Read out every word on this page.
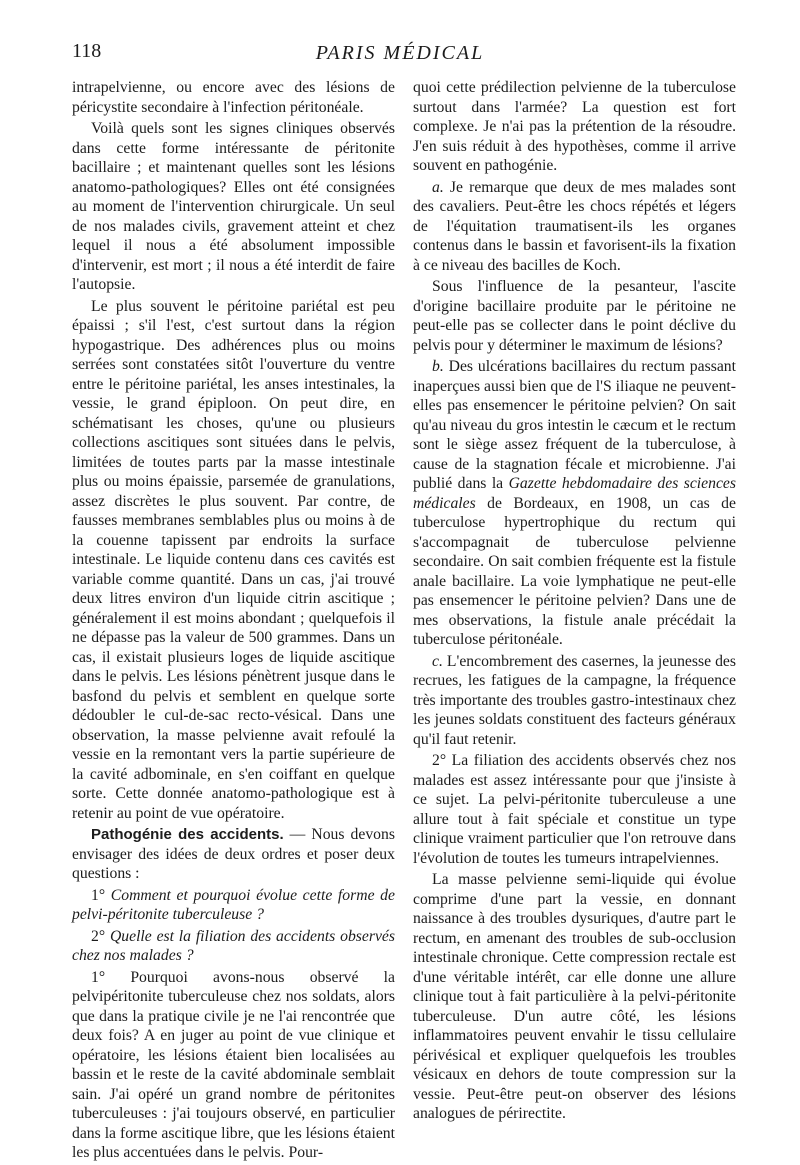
118	PARIS MÉDICAL

intrapelvienne, ou encore avec des lésions de péricystite secondaire à l'infection péritonéale.

Voilà quels sont les signes cliniques observés dans cette forme intéressante de péritonite bacillaire ; et maintenant quelles sont les lésions anatomo-pathologiques? Elles ont été consignées au moment de l'intervention chirurgicale. Un seul de nos malades civils, gravement atteint et chez lequel il nous a été absolument impossible d'intervenir, est mort ; il nous a été interdit de faire l'autopsie.

Le plus souvent le péritoine pariétal est peu épaissi ; s'il l'est, c'est surtout dans la région hypogastrique. Des adhérences plus ou moins serrées sont constatées sitôt l'ouverture du ventre entre le péritoine pariétal, les anses intestinales, la vessie, le grand épiploon. On peut dire, en schématisant les choses, qu'une ou plusieurs collections ascitiques sont situées dans le pelvis, limitées de toutes parts par la masse intestinale plus ou moins épaissie, parsemée de granulations, assez discrètes le plus souvent. Par contre, de fausses membranes semblables plus ou moins à de la couenne tapissent par endroits la surface intestinale. Le liquide contenu dans ces cavités est variable comme quantité. Dans un cas, j'ai trouvé deux litres environ d'un liquide citrin ascitique ; généralement il est moins abondant ; quelquefois il ne dépasse pas la valeur de 500 grammes. Dans un cas, il existait plusieurs loges de liquide ascitique dans le pelvis. Les lésions pénètrent jusque dans le basfond du pelvis et semblent en quelque sorte dédoubler le cul-de-sac recto-vésical. Dans une observation, la masse pelvienne avait refoulé la vessie en la remontant vers la partie supérieure de la cavité adbominale, en s'en coiffant en quelque sorte. Cette donnée anatomo-pathologique est à retenir au point de vue opératoire.

Pathogénie des accidents. — Nous devons envisager des idées de deux ordres et poser deux questions :

1° Comment et pourquoi évolue cette forme de pelvi-péritonite tuberculeuse ?

2° Quelle est la filiation des accidents observés chez nos malades ?

1° Pourquoi avons-nous observé la pelvipéritonite tuberculeuse chez nos soldats, alors que dans la pratique civile je ne l'ai rencontrée que deux fois? A en juger au point de vue clinique et opératoire, les lésions étaient bien localisées au bassin et le reste de la cavité abdominale semblait sain. J'ai opéré un grand nombre de péritonites tuberculeuses : j'ai toujours observé, en particulier dans la forme ascitique libre, que les lésions étaient les plus accentuées dans le pelvis. Pour-

quoi cette prédilection pelvienne de la tuberculose surtout dans l'armée? La question est fort complexe. Je n'ai pas la prétention de la résoudre. J'en suis réduit à des hypothèses, comme il arrive souvent en pathogénie.

a. Je remarque que deux de mes malades sont des cavaliers. Peut-être les chocs répétés et légers de l'équitation traumatisent-ils les organes contenus dans le bassin et favorisent-ils la fixation à ce niveau des bacilles de Koch.

Sous l'influence de la pesanteur, l'ascite d'origine bacillaire produite par le péritoine ne peut-elle pas se collecter dans le point déclive du pelvis pour y déterminer le maximum de lésions?

b. Des ulcérations bacillaires du rectum passant inaperçues aussi bien que de l'S iliaque ne peuvent-elles pas ensemencer le péritoine pelvien? On sait qu'au niveau du gros intestin le cæcum et le rectum sont le siège assez fréquent de la tuberculose, à cause de la stagnation fécale et microbienne. J'ai publié dans la Gazette hebdomadaire des sciences médicales de Bordeaux, en 1908, un cas de tuberculose hypertrophique du rectum qui s'accompagnait de tuberculose pelvienne secondaire. On sait combien fréquente est la fistule anale bacillaire. La voie lymphatique ne peut-elle pas ensemencer le péritoine pelvien? Dans une de mes observations, la fistule anale précédait la tuberculose péritonéale.

c. L'encombrement des casernes, la jeunesse des recrues, les fatigues de la campagne, la fréquence très importante des troubles gastro-intestinaux chez les jeunes soldats constituent des facteurs généraux qu'il faut retenir.

2° La filiation des accidents observés chez nos malades est assez intéressante pour que j'insiste à ce sujet. La pelvi-péritonite tuberculeuse a une allure tout à fait spéciale et constitue un type clinique vraiment particulier que l'on retrouve dans l'évolution de toutes les tumeurs intrapelviennes.

La masse pelvienne semi-liquide qui évolue comprime d'une part la vessie, en donnant naissance à des troubles dysuriques, d'autre part le rectum, en amenant des troubles de sub-occlusion intestinale chronique. Cette compression rectale est d'une véritable intérêt, car elle donne une allure clinique tout à fait particulière à la pelvi-péritonite tuberculeuse. D'un autre côté, les lésions inflammatoires peuvent envahir le tissu cellulaire périvésical et expliquer quelquefois les troubles vésicaux en dehors de toute compression sur la vessie. Peut-être peut-on observer des lésions analogues de périrectite.
